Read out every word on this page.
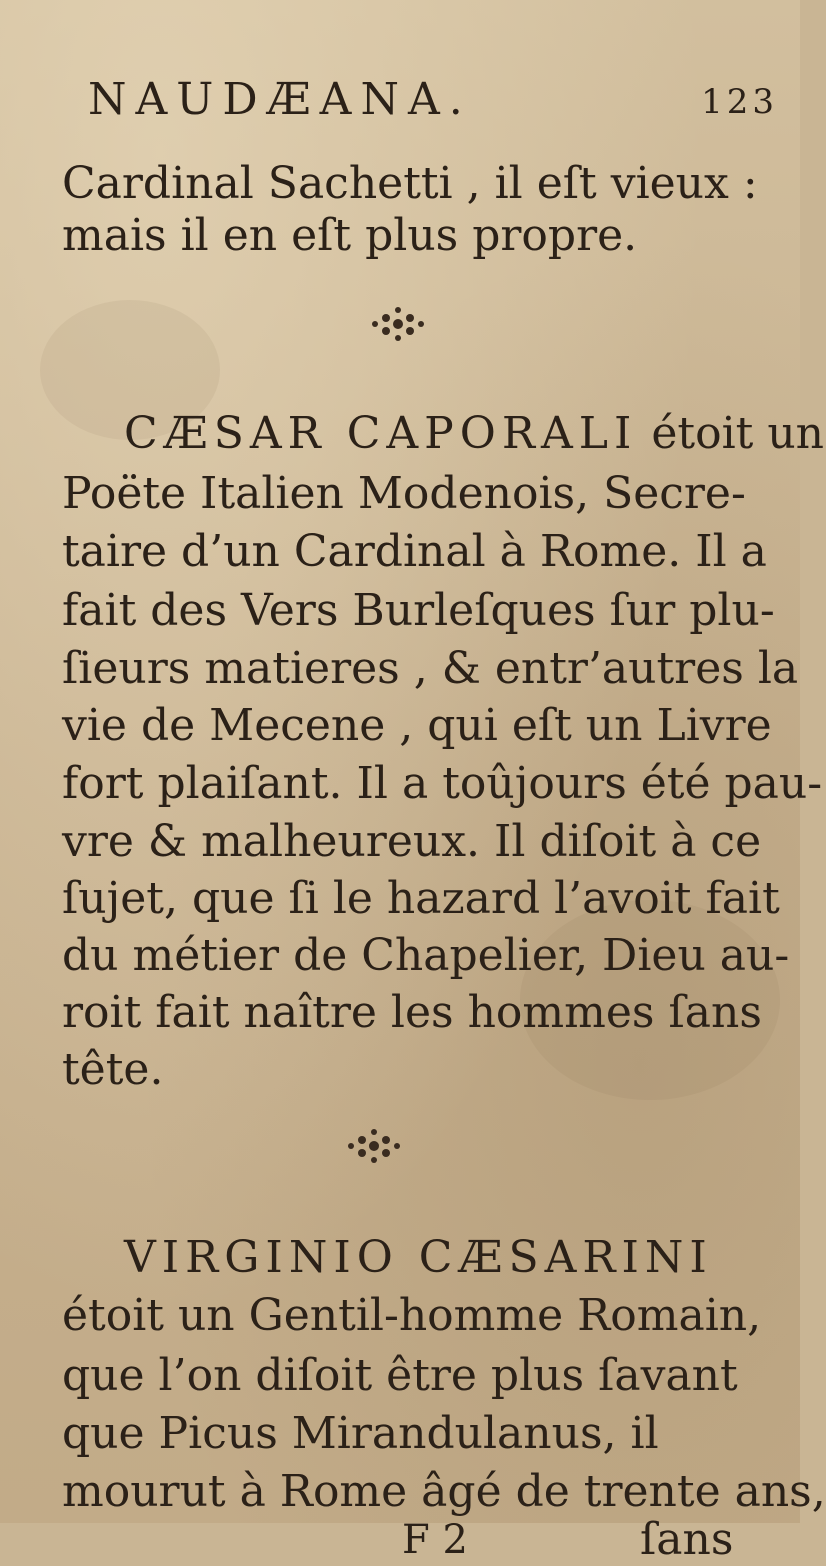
NAUDÆANA.	123
Cardinal Sachetti , il eſt vieux :
mais il en eſt plus propre.
CÆSAR CAPORALI étoit un
Poëte Italien Modenois, Secre-
taire d’un Cardinal à Rome. Il a
fait des Vers Burleſques ſur plu-
ſieurs matieres , & entr’autres la
vie de Mecene , qui eſt un Livre
fort plaiſant. Il a toûjours été pau-
vre & malheureux. Il diſoit à ce
ſujet, que ſi le hazard l’avoit fait
du métier de Chapelier, Dieu au-
roit fait naître les hommes ſans
tête.
VIRGINIO CÆSARINI
étoit un Gentil-homme Romain,
que l’on diſoit être plus ſavant
que Picus Mirandulanus, il
mourut à Rome âgé de trente ans,
F 2	ſans
